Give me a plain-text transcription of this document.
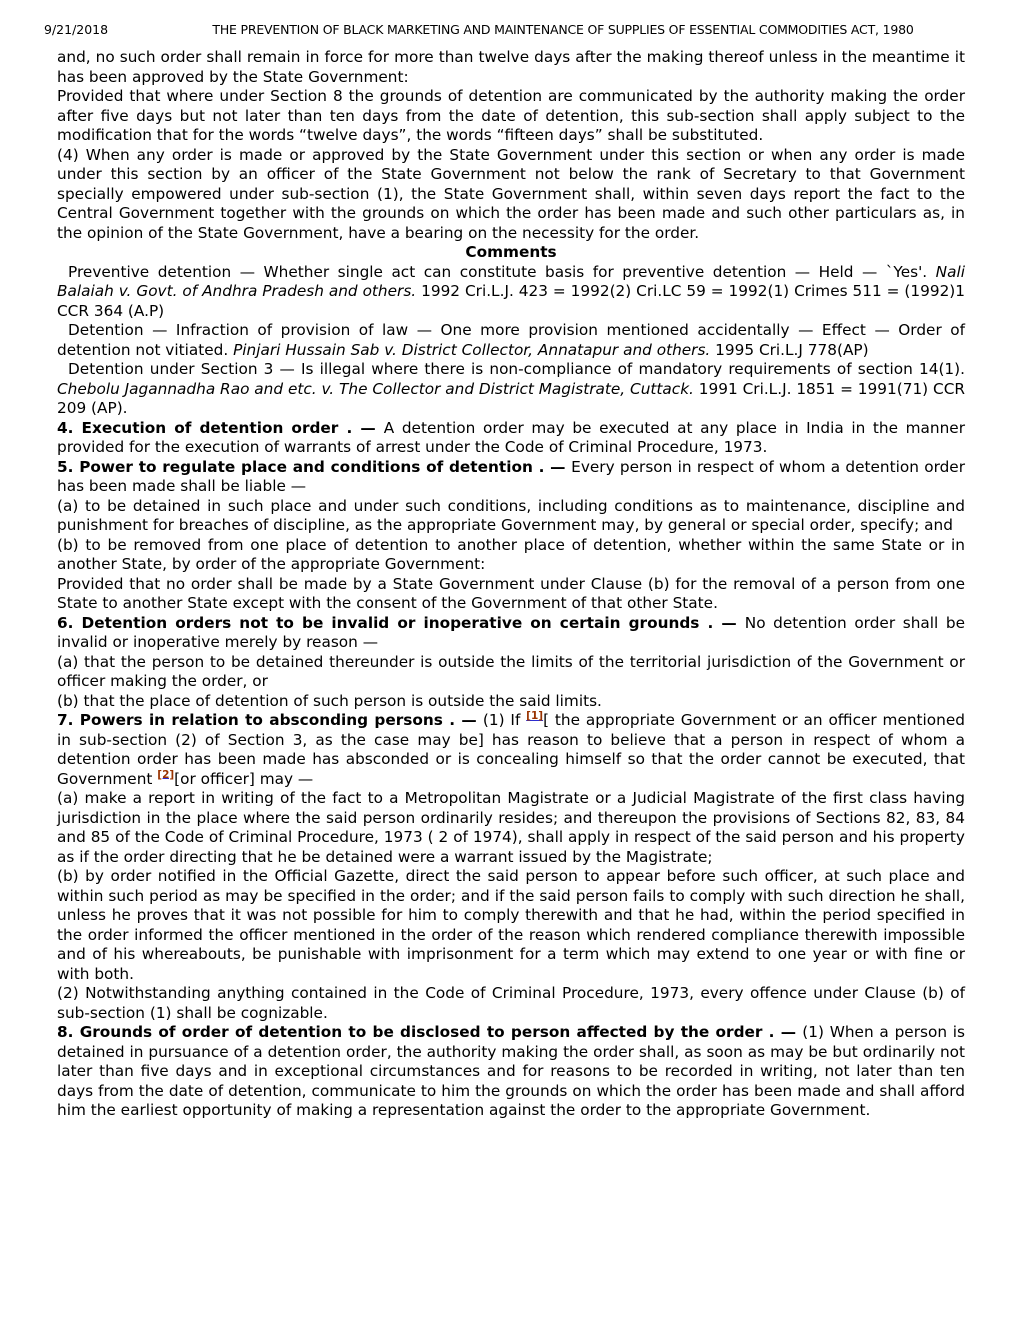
9/21/2018	THE PREVENTION OF BLACK MARKETING AND MAINTENANCE OF SUPPLIES OF ESSENTIAL COMMODITIES ACT, 1980
and, no such order shall remain in force for more than twelve days after the making thereof unless in the meantime it has been approved by the State Government:
Provided that where under Section 8 the grounds of detention are communicated by the authority making the order after five days but not later than ten days from the date of detention, this sub-section shall apply subject to the modification that for the words “twelve days”, the words “fifteen days” shall be substituted.
(4) When any order is made or approved by the State Government under this section or when any order is made under this section by an officer of the State Government not below the rank of Secretary to that Government specially empowered under sub-section (1), the State Government shall, within seven days report the fact to the Central Government together with the grounds on which the order has been made and such other particulars as, in the opinion of the State Government, have a bearing on the necessity for the order.
Comments
Preventive detention — Whether single act can constitute basis for preventive detention — Held — `Yes'. Nali Balaiah v. Govt. of Andhra Pradesh and others. 1992 Cri.L.J. 423 = 1992(2) Cri.LC 59 = 1992(1) Crimes 511 = (1992)1 CCR 364 (A.P)
Detention — Infraction of provision of law — One more provision mentioned accidentally — Effect — Order of detention not vitiated. Pinjari Hussain Sab v. District Collector, Annatapur and others. 1995 Cri.L.J 778(AP)
Detention under Section 3 — Is illegal where there is non-compliance of mandatory requirements of section 14(1). Chebolu Jagannadha Rao and etc. v. The Collector and District Magistrate, Cuttack. 1991 Cri.L.J. 1851 = 1991(71) CCR 209 (AP).
4. Execution of detention order . — A detention order may be executed at any place in India in the manner provided for the execution of warrants of arrest under the Code of Criminal Procedure, 1973.
5. Power to regulate place and conditions of detention . — Every person in respect of whom a detention order has been made shall be liable —
(a) to be detained in such place and under such conditions, including conditions as to maintenance, discipline and punishment for breaches of discipline, as the appropriate Government may, by general or special order, specify; and
(b) to be removed from one place of detention to another place of detention, whether within the same State or in another State, by order of the appropriate Government:
Provided that no order shall be made by a State Government under Clause (b) for the removal of a person from one State to another State except with the consent of the Government of that other State.
6. Detention orders not to be invalid or inoperative on certain grounds . — No detention order shall be invalid or inoperative merely by reason —
(a) that the person to be detained thereunder is outside the limits of the territorial jurisdiction of the Government or officer making the order, or
(b) that the place of detention of such person is outside the said limits.
7. Powers in relation to absconding persons . — (1) If [1][ the appropriate Government or an officer mentioned in sub-section (2) of Section 3, as the case may be] has reason to believe that a person in respect of whom a detention order has been made has absconded or is concealing himself so that the order cannot be executed, that Government [2][or officer] may —
(a) make a report in writing of the fact to a Metropolitan Magistrate or a Judicial Magistrate of the first class having jurisdiction in the place where the said person ordinarily resides; and thereupon the provisions of Sections 82, 83, 84 and 85 of the Code of Criminal Procedure, 1973 ( 2 of 1974), shall apply in respect of the said person and his property as if the order directing that he be detained were a warrant issued by the Magistrate;
(b) by order notified in the Official Gazette, direct the said person to appear before such officer, at such place and within such period as may be specified in the order; and if the said person fails to comply with such direction he shall, unless he proves that it was not possible for him to comply therewith and that he had, within the period specified in the order informed the officer mentioned in the order of the reason which rendered compliance therewith impossible and of his whereabouts, be punishable with imprisonment for a term which may extend to one year or with fine or with both.
(2) Notwithstanding anything contained in the Code of Criminal Procedure, 1973, every offence under Clause (b) of sub-section (1) shall be cognizable.
8. Grounds of order of detention to be disclosed to person affected by the order . — (1) When a person is detained in pursuance of a detention order, the authority making the order shall, as soon as may be but ordinarily not later than five days and in exceptional circumstances and for reasons to be recorded in writing, not later than ten days from the date of detention, communicate to him the grounds on which the order has been made and shall afford him the earliest opportunity of making a representation against the order to the appropriate Government.
